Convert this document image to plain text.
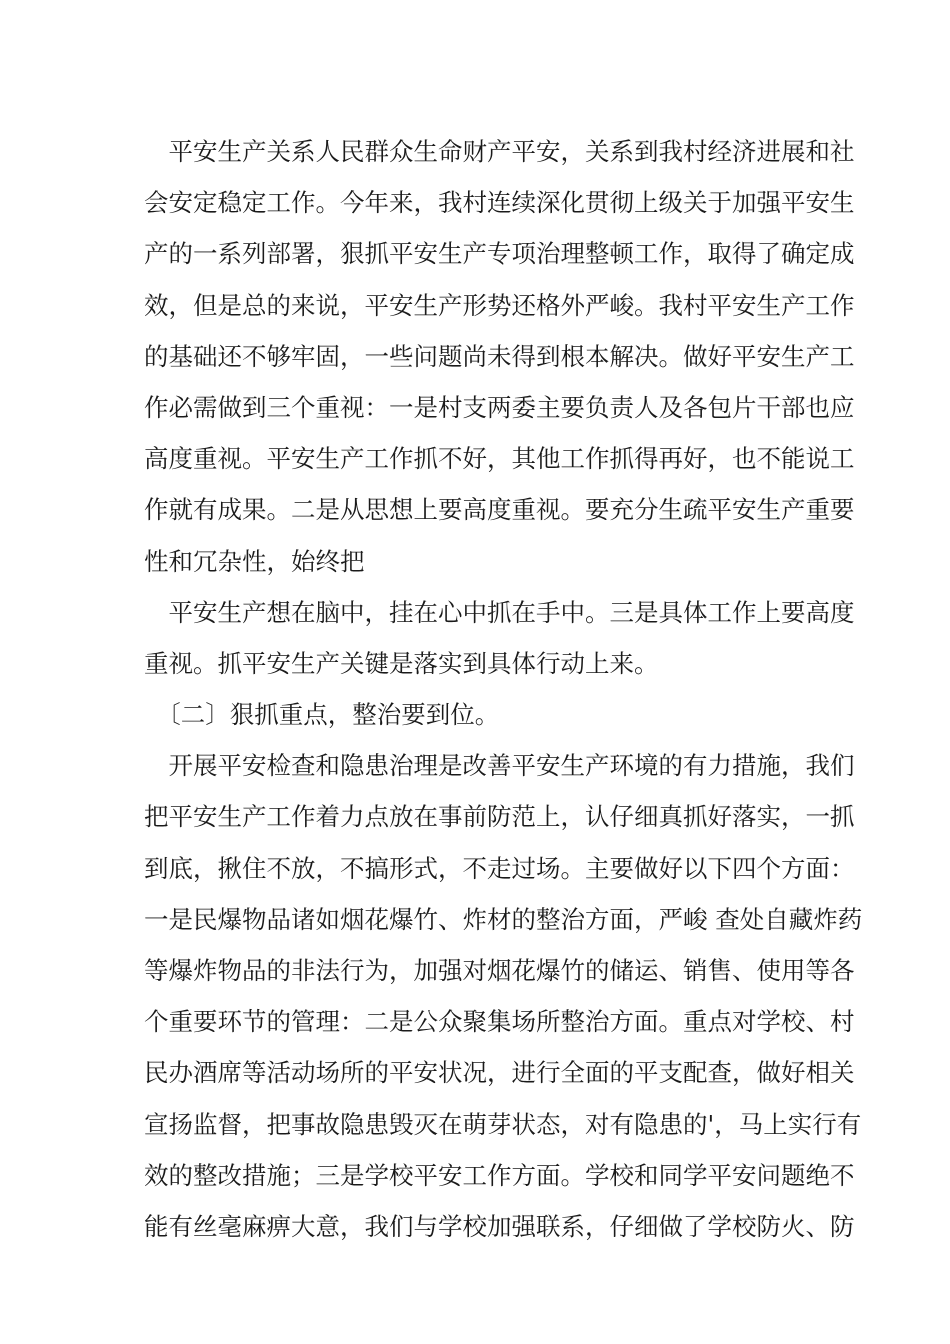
　平安生产关系人民群众生命财产平安，关系到我村经济进展和社
会安定稳定工作。今年来，我村连续深化贯彻上级关于加强平安生
产的一系列部署，狠抓平安生产专项治理整顿工作，取得了确定成
效，但是总的来说，平安生产形势还格外严峻。我村平安生产工作
的基础还不够牢固，一些问题尚未得到根本解决。做好平安生产工
作必需做到三个重视：一是村支两委主要负责人及各包片干部也应
高度重视。平安生产工作抓不好，其他工作抓得再好，也不能说工
作就有成果。二是从思想上要高度重视。要充分生疏平安生产重要
性和冗杂性，始终把
　平安生产想在脑中，挂在心中抓在手中。三是具体工作上要高度
重视。抓平安生产关键是落实到具体行动上来。
　〔二〕狠抓重点，整治要到位。
　开展平安检查和隐患治理是改善平安生产环境的有力措施，我们
把平安生产工作着力点放在事前防范上，认仔细真抓好落实，一抓
到底，揪住不放，不搞形式，不走过场。主要做好以下四个方面：
一是民爆物品诸如烟花爆竹、炸材的整治方面，严峻 查处自藏炸药
等爆炸物品的非法行为，加强对烟花爆竹的储运、销售、使用等各
个重要环节的管理：二是公众聚集场所整治方面。重点对学校、村
民办酒席等活动场所的平安状况，进行全面的平支配查，做好相关
宣扬监督，把事故隐患毁灭在萌芽状态，对有隐患的'，马上实行有
效的整改措施；三是学校平安工作方面。学校和同学平安问题绝不
能有丝毫麻痹大意，我们与学校加强联系，仔细做了学校防火、防
